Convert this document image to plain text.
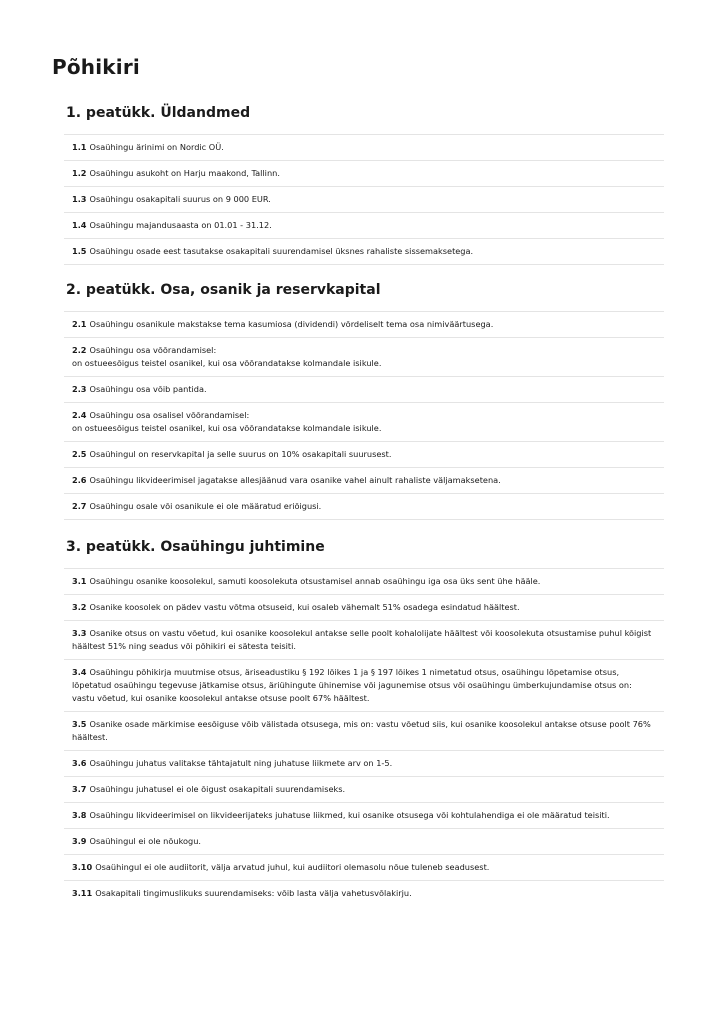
Põhikiri
1. peatükk. Üldandmed
1.1 Osaühingu ärinimi on Nordic OÜ.
1.2 Osaühingu asukoht on Harju maakond, Tallinn.
1.3 Osaühingu osakapitali suurus on 9 000 EUR.
1.4 Osaühingu majandusaasta on 01.01 - 31.12.
1.5 Osaühingu osade eest tasutakse osakapitali suurendamisel üksnes rahaliste sissemaksetega.
2. peatükk. Osa, osanik ja reservkapital
2.1 Osaühingu osanikule makstakse tema kasumiosa (dividendi) võrdeliselt tema osa nimiväärtusega.
2.2 Osaühingu osa võõrandamisel:
on ostueesõigus teistel osanikel, kui osa võõrandatakse kolmandale isikule.
2.3 Osaühingu osa võib pantida.
2.4 Osaühingu osa osalisel võõrandamisel:
on ostueesõigus teistel osanikel, kui osa võõrandatakse kolmandale isikule.
2.5 Osaühingul on reservkapital ja selle suurus on 10% osakapitali suurusest.
2.6 Osaühingu likvideerimisel jagatakse allesjäänud vara osanike vahel ainult rahaliste väljamaksetena.
2.7 Osaühingu osale või osanikule ei ole määratud eriõigusi.
3. peatükk. Osaühingu juhtimine
3.1 Osaühingu osanike koosolekul, samuti koosolekuta otsustamisel annab osaühingu iga osa üks sent ühe hääle.
3.2 Osanike koosolek on pädev vastu võtma otsuseid, kui osaleb vähemalt 51% osadega esindatud häältest.
3.3 Osanike otsus on vastu võetud, kui osanike koosolekul antakse selle poolt kohalolijate häältest või koosolekuta otsustamise puhul kõigist häältest 51% ning seadus või põhikiri ei sätesta teisiti.
3.4 Osaühingu põhikirja muutmise otsus, äriseadustiku § 192 lõikes 1 ja § 197 lõikes 1 nimetatud otsus, osaühingu lõpetamise otsus, lõpetatud osaühingu tegevuse jätkamise otsus, äriühingute ühinemise või jagunemise otsus või osaühingu ümberkujundamise otsus on: vastu võetud, kui osanike koosolekul antakse otsuse poolt 67% häältest.
3.5 Osanike osade märkimise eesõiguse võib välistada otsusega, mis on: vastu võetud siis, kui osanike koosolekul antakse otsuse poolt 76% häältest.
3.6 Osaühingu juhatus valitakse tähtajatult ning juhatuse liikmete arv on 1-5.
3.7 Osaühingu juhatusel ei ole õigust osakapitali suurendamiseks.
3.8 Osaühingu likvideerimisel on likvideerijateks juhatuse liikmed, kui osanike otsusega või kohtulahendiga ei ole määratud teisiti.
3.9 Osaühingul ei ole nõukogu.
3.10 Osaühingul ei ole audiitorit, välja arvatud juhul, kui audiitori olemasolu nõue tuleneb seadusest.
3.11 Osakapitali tingimuslikuks suurendamiseks: võib lasta välja vahetusvõlakirju.
